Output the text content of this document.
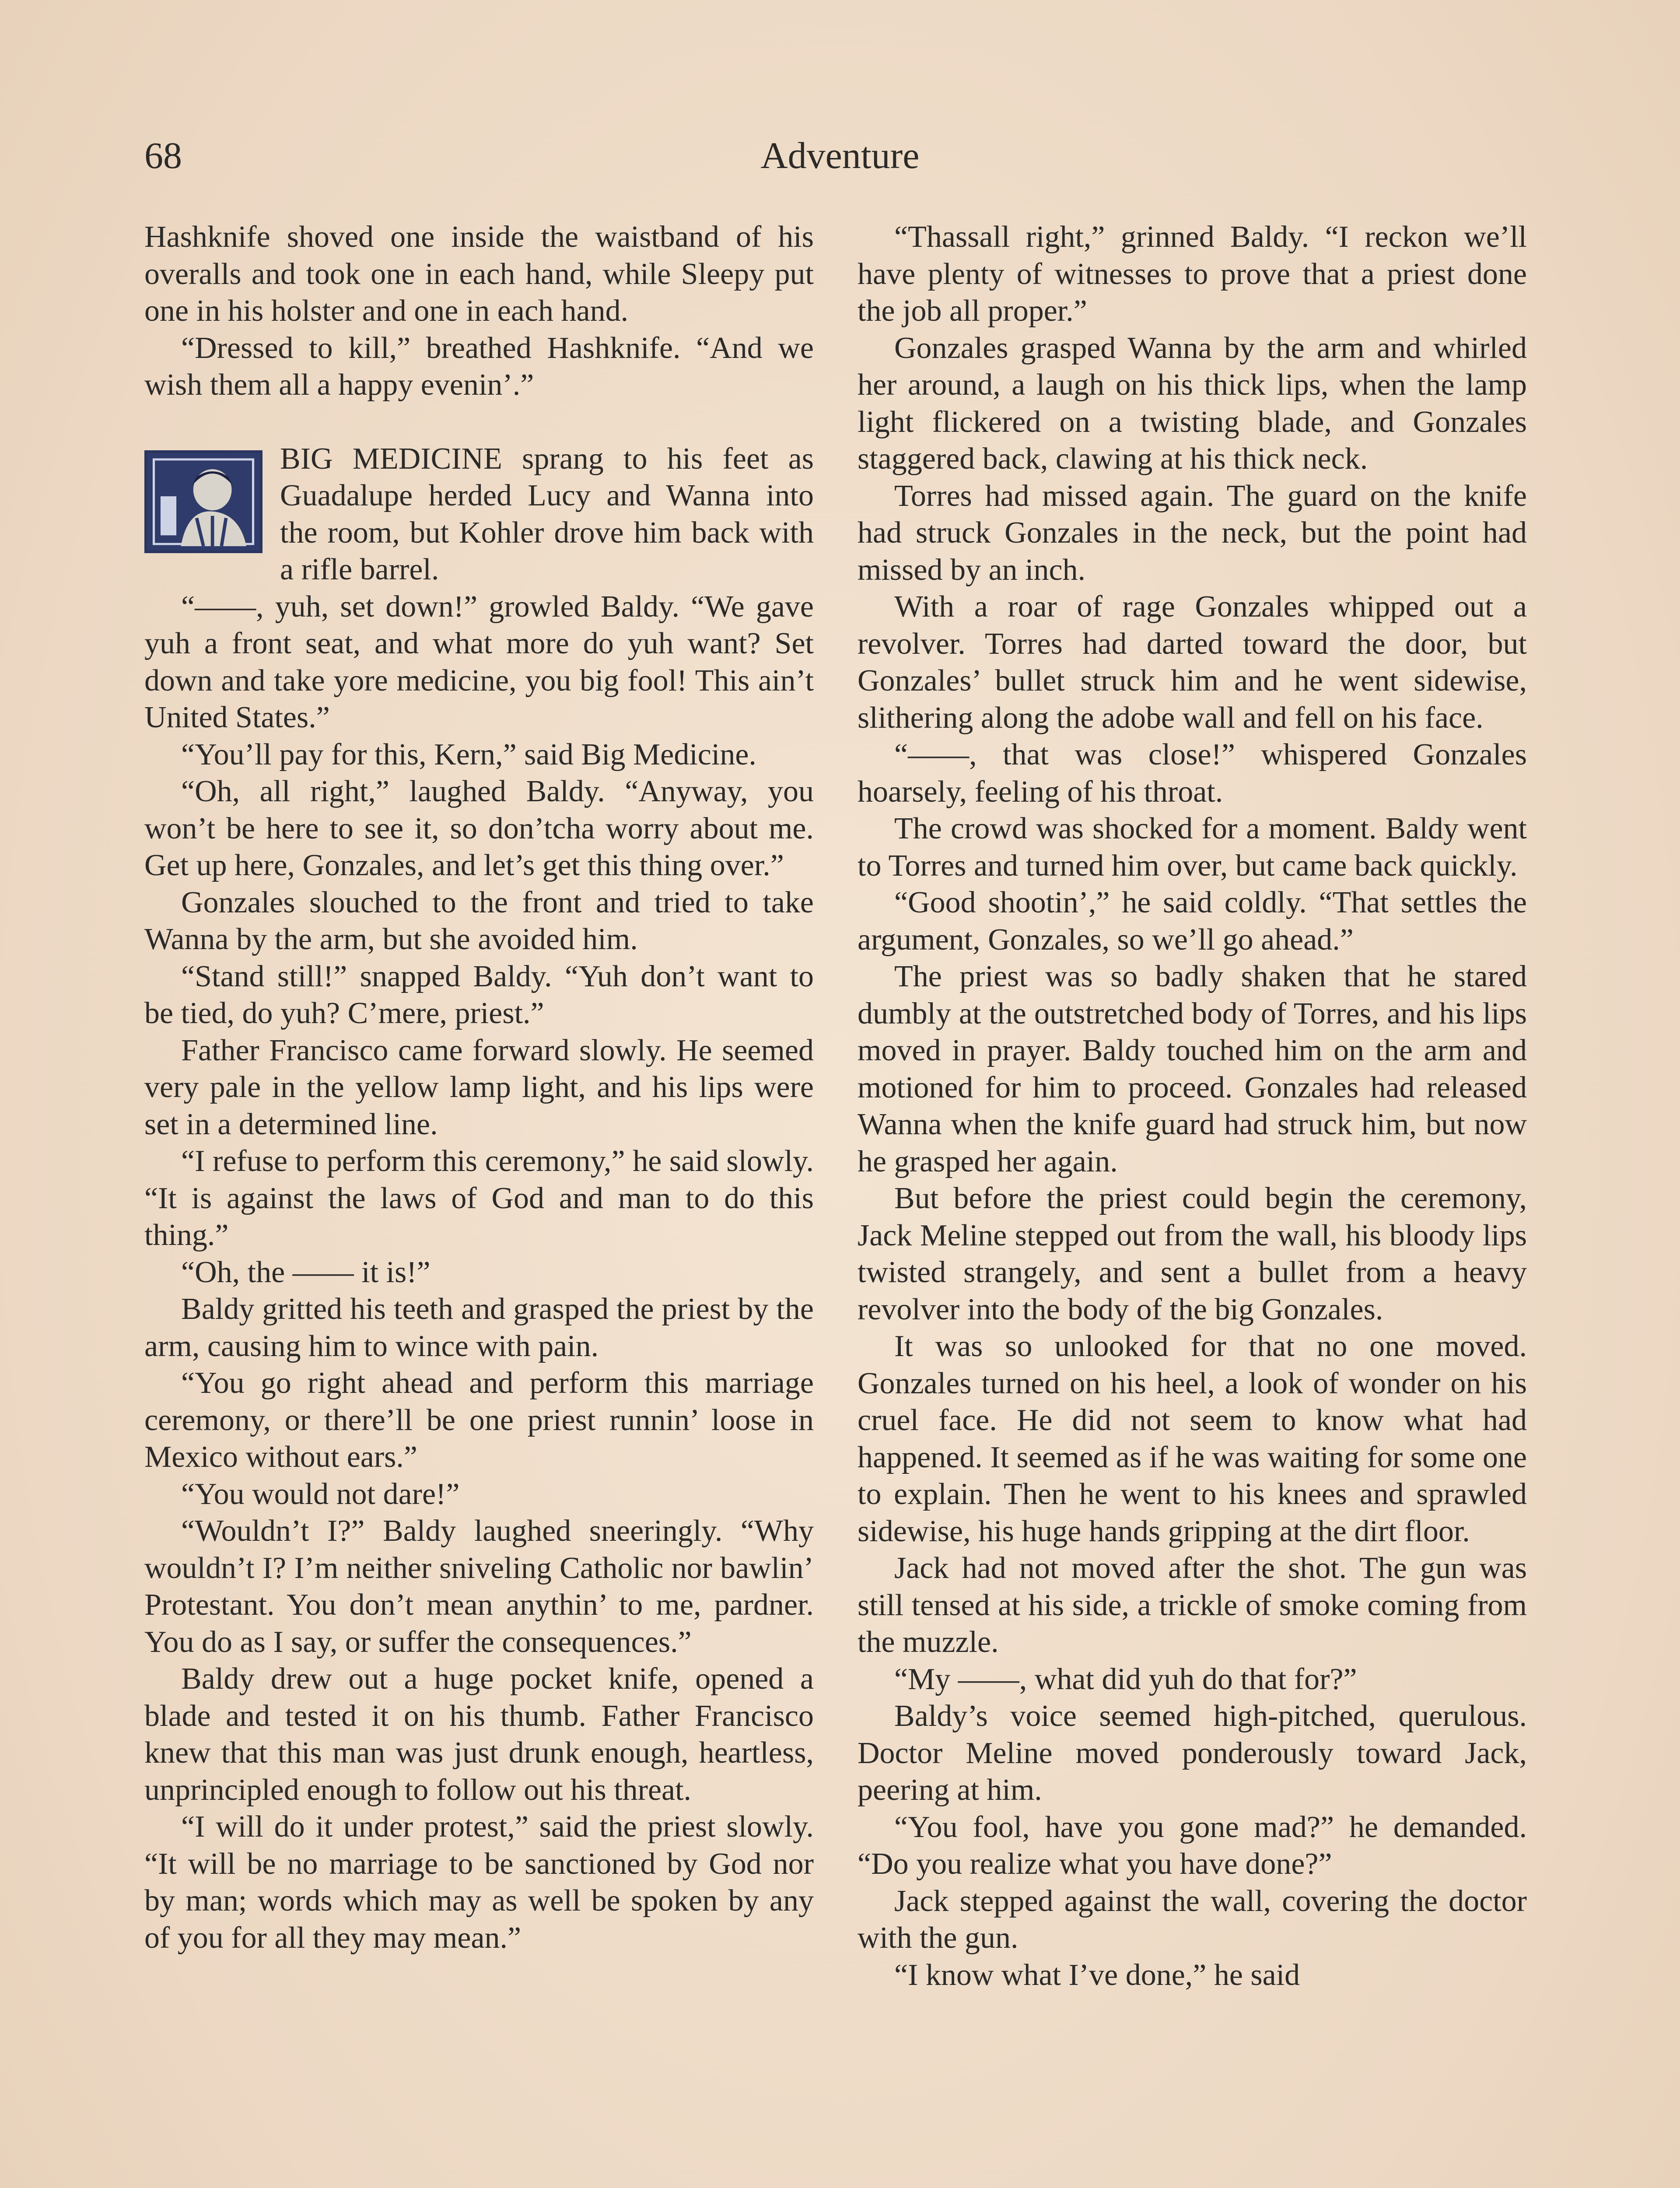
68	Adventure

Hashknife shoved one inside the waistband of his overalls and took one in each hand, while Sleepy put one in his holster and one in each hand.

“Dressed to kill,” breathed Hashknife. “And we wish them all a happy evenin’.”

BIG MEDICINE sprang to his feet as Guadalupe herded Lucy and Wanna into the room, but Kohler drove him back with a rifle barrel.

“——, yuh, set down!” growled Baldy. “We gave yuh a front seat, and what more do yuh want? Set down and take yore medicine, you big fool! This ain’t United States.”

“You’ll pay for this, Kern,” said Big Medicine.

“Oh, all right,” laughed Baldy. “Anyway, you won’t be here to see it, so don’tcha worry about me. Get up here, Gonzales, and let’s get this thing over.”

Gonzales slouched to the front and tried to take Wanna by the arm, but she avoided him.

“Stand still!” snapped Baldy. “Yuh don’t want to be tied, do yuh? C’mere, priest.”

Father Francisco came forward slowly. He seemed very pale in the yellow lamp light, and his lips were set in a determined line.

“I refuse to perform this ceremony,” he said slowly. “It is against the laws of God and man to do this thing.”

“Oh, the —— it is!”

Baldy gritted his teeth and grasped the priest by the arm, causing him to wince with pain.

“You go right ahead and perform this marriage ceremony, or there’ll be one priest runnin’ loose in Mexico without ears.”

“You would not dare!”

“Wouldn’t I?” Baldy laughed sneeringly. “Why wouldn’t I? I’m neither sniveling Catholic nor bawlin’ Protestant. You don’t mean anythin’ to me, pardner. You do as I say, or suffer the consequences.”

Baldy drew out a huge pocket knife, opened a blade and tested it on his thumb. Father Francisco knew that this man was just drunk enough, heartless, unprincipled enough to follow out his threat.

“I will do it under protest,” said the priest slowly. “It will be no marriage to be sanctioned by God nor by man; words which may as well be spoken by any of you for all they may mean.”

“Thassall right,” grinned Baldy. “I reckon we’ll have plenty of witnesses to prove that a priest done the job all proper.”

Gonzales grasped Wanna by the arm and whirled her around, a laugh on his thick lips, when the lamp light flickered on a twisting blade, and Gonzales staggered back, clawing at his thick neck.

Torres had missed again. The guard on the knife had struck Gonzales in the neck, but the point had missed by an inch.

With a roar of rage Gonzales whipped out a revolver. Torres had darted toward the door, but Gonzales’ bullet struck him and he went sidewise, slithering along the adobe wall and fell on his face.

“——, that was close!” whispered Gonzales hoarsely, feeling of his throat.

The crowd was shocked for a moment. Baldy went to Torres and turned him over, but came back quickly.

“Good shootin’,” he said coldly. “That settles the argument, Gonzales, so we’ll go ahead.”

The priest was so badly shaken that he stared dumbly at the outstretched body of Torres, and his lips moved in prayer. Baldy touched him on the arm and motioned for him to proceed. Gonzales had released Wanna when the knife guard had struck him, but now he grasped her again.

But before the priest could begin the ceremony, Jack Meline stepped out from the wall, his bloody lips twisted strangely, and sent a bullet from a heavy revolver into the body of the big Gonzales.

It was so unlooked for that no one moved. Gonzales turned on his heel, a look of wonder on his cruel face. He did not seem to know what had happened. It seemed as if he was waiting for some one to explain. Then he went to his knees and sprawled sidewise, his huge hands gripping at the dirt floor.

Jack had not moved after the shot. The gun was still tensed at his side, a trickle of smoke coming from the muzzle.

“My ——, what did yuh do that for?”

Baldy’s voice seemed high-pitched, querulous. Doctor Meline moved ponderously toward Jack, peering at him.

“You fool, have you gone mad?” he demanded. “Do you realize what you have done?”

Jack stepped against the wall, covering the doctor with the gun.

“I know what I’ve done,” he said
